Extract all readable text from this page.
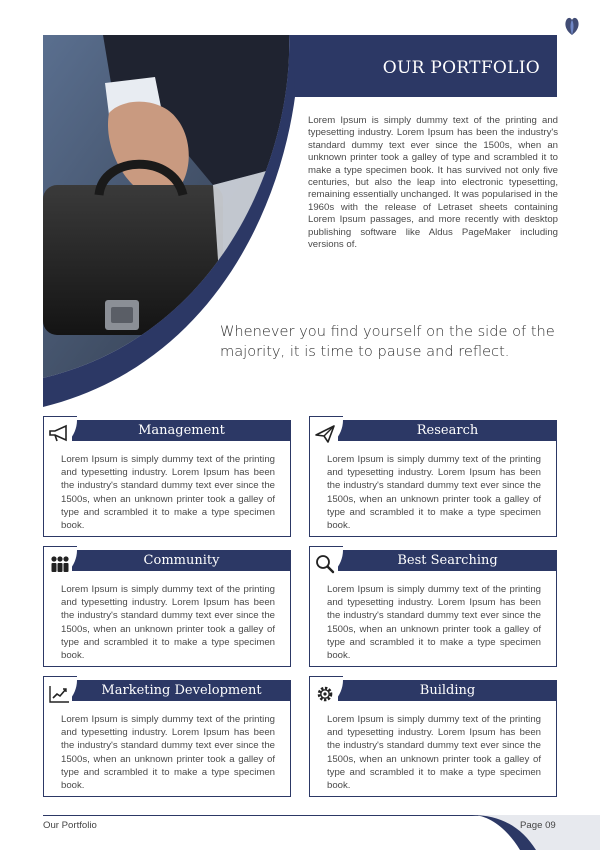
OUR PORTFOLIO
Lorem Ipsum is simply dummy text of the printing and typesetting industry. Lorem Ipsum has been the industry's standard dummy text ever since the 1500s, when an unknown printer took a galley of type and scrambled it to make a type specimen book. It has survived not only five centuries, but also the leap into electronic typesetting, remaining essentially unchanged. It was popularised in the 1960s with the release of Letraset sheets containing Lorem Ipsum passages, and more recently with desktop publishing software like Aldus PageMaker including versions of.
Whenever you find yourself on the side of the majority, it is time to pause and reflect.
Management
Lorem Ipsum is simply dummy text of the printing and typesetting industry. Lorem Ipsum has been the industry's standard dummy text ever since the 1500s, when an unknown printer took a galley of type and scrambled it to make a type specimen book.
Research
Lorem Ipsum is simply dummy text of the printing and typesetting industry. Lorem Ipsum has been the industry's standard dummy text ever since the 1500s, when an unknown printer took a galley of type and scrambled it to make a type specimen book.
Community
Lorem Ipsum is simply dummy text of the printing and typesetting industry. Lorem Ipsum has been the industry's standard dummy text ever since the 1500s, when an unknown printer took a galley of type and scrambled it to make a type specimen book.
Best Searching
Lorem Ipsum is simply dummy text of the printing and typesetting industry. Lorem Ipsum has been the industry's standard dummy text ever since the 1500s, when an unknown printer took a galley of type and scrambled it to make a type specimen book.
Marketing Development
Lorem Ipsum is simply dummy text of the printing and typesetting industry. Lorem Ipsum has been the industry's standard dummy text ever since the 1500s, when an unknown printer took a galley of type and scrambled it to make a type specimen book.
Building
Lorem Ipsum is simply dummy text of the printing and typesetting industry. Lorem Ipsum has been the industry's standard dummy text ever since the 1500s, when an unknown printer took a galley of type and scrambled it to make a type specimen book.
Our Portfolio	Page 09
